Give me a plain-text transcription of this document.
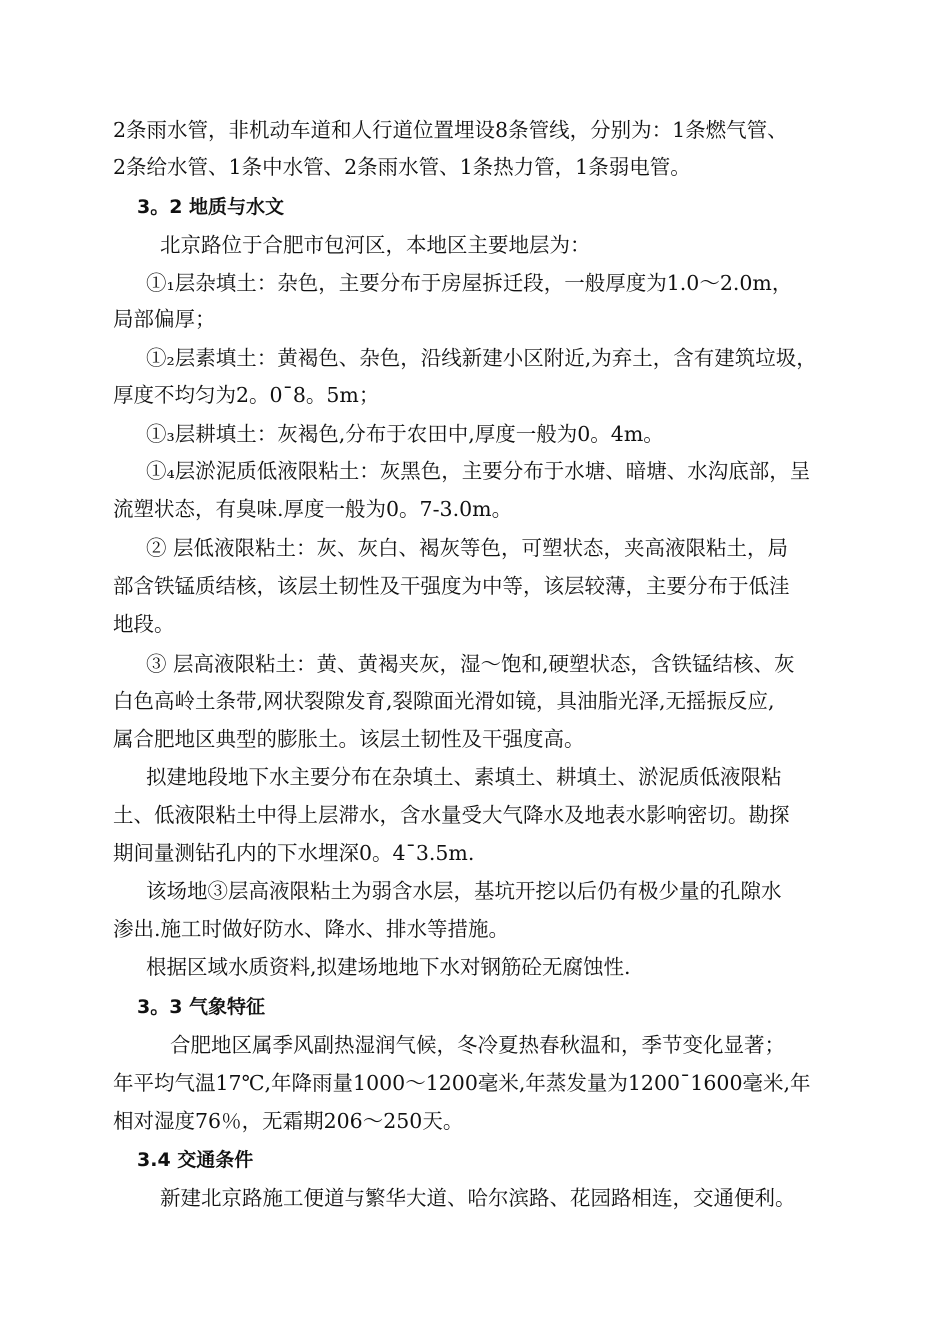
2条雨水管，非机动车道和人行道位置埋设8条管线，分别为：1条燃气管、
2条给水管、1条中水管、2条雨水管、1条热力管，1条弱电管。
3。2 地质与水文
北京路位于合肥市包河区，本地区主要地层为：
①₁层杂填土：杂色，主要分布于房屋拆迁段，一般厚度为1.0～2.0m，
局部偏厚；
①₂层素填土：黄褐色、杂色，沿线新建小区附近,为弃土，含有建筑垃圾，
厚度不均匀为2。0¯8。5m；
①₃层耕填土：灰褐色,分布于农田中,厚度一般为0。4m。
①₄层淤泥质低液限粘土：灰黑色，主要分布于水塘、暗塘、水沟底部，呈
流塑状态，有臭味.厚度一般为0。7-3.0m。
② 层低液限粘土：灰、灰白、褐灰等色，可塑状态，夹高液限粘土，局
部含铁锰质结核，该层土韧性及干强度为中等，该层较薄，主要分布于低洼
地段。
③ 层高液限粘土：黄、黄褐夹灰，湿～饱和,硬塑状态，含铁锰结核、灰
白色高岭土条带,网状裂隙发育,裂隙面光滑如镜，具油脂光泽,无摇振反应,
属合肥地区典型的膨胀土。该层土韧性及干强度高。
拟建地段地下水主要分布在杂填土、素填土、耕填土、淤泥质低液限粘
土、低液限粘土中得上层滞水，含水量受大气降水及地表水影响密切。勘探
期间量测钻孔内的下水埋深0。4¯3.5m.
该场地③层高液限粘土为弱含水层，基坑开挖以后仍有极少量的孔隙水
渗出.施工时做好防水、降水、排水等措施。
根据区域水质资料,拟建场地地下水对钢筋砼无腐蚀性.
3。3 气象特征
合肥地区属季风副热湿润气候，冬冷夏热春秋温和，季节变化显著；
年平均气温17℃,年降雨量1000～1200毫米,年蒸发量为1200¯1600毫米,年
相对湿度76％，无霜期206～250天。
3.4 交通条件
新建北京路施工便道与繁华大道、哈尔滨路、花园路相连，交通便利。
